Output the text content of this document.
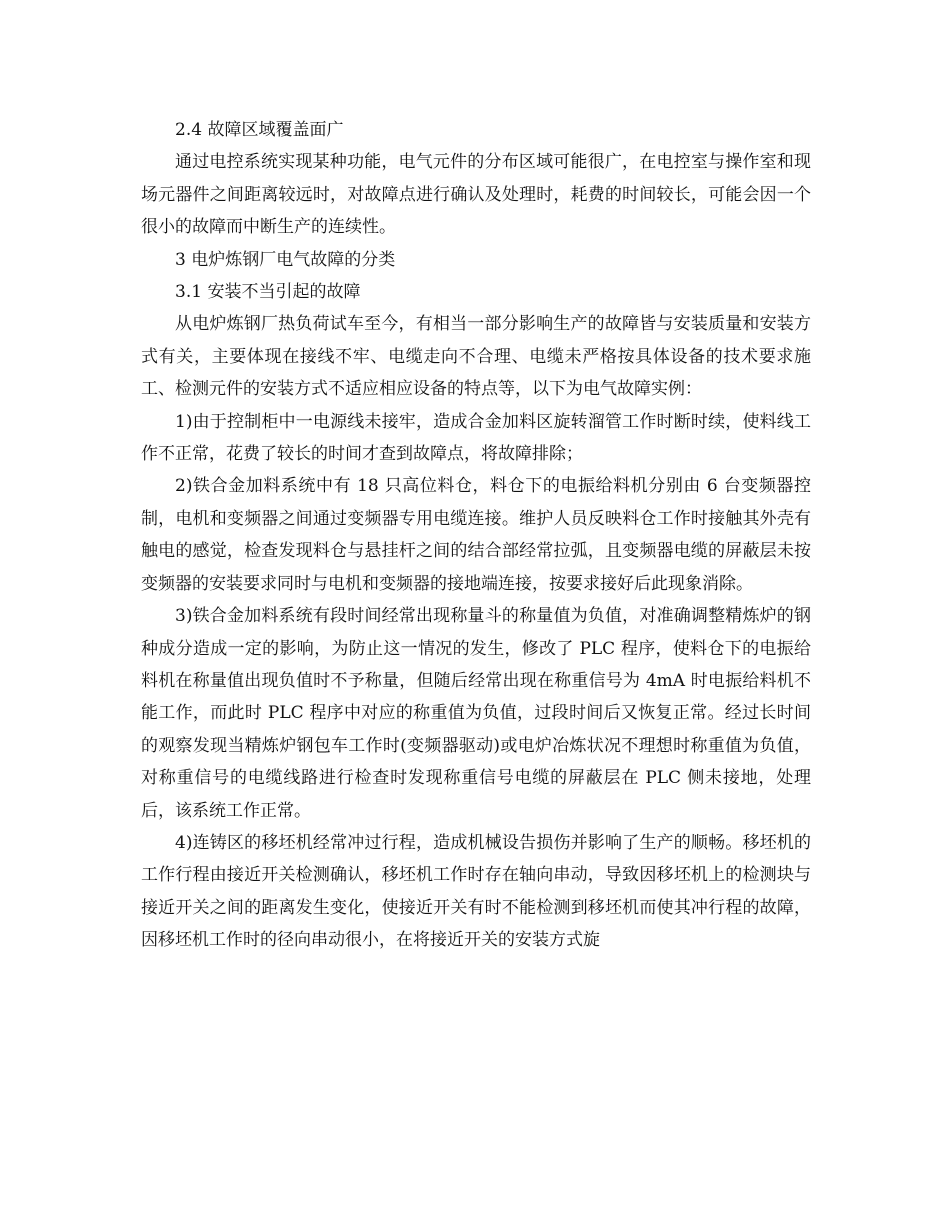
2.4 故障区域覆盖面广

通过电控系统实现某种功能，电气元件的分布区域可能很广，在电控室与操作室和现场元器件之间距离较远时，对故障点进行确认及处理时，耗费的时间较长，可能会因一个很小的故障而中断生产的连续性。

3 电炉炼钢厂电气故障的分类

3.1 安装不当引起的故障

从电炉炼钢厂热负荷试车至今，有相当一部分影响生产的故障皆与安装质量和安装方式有关，主要体现在接线不牢、电缆走向不合理、电缆未严格按具体设备的技术要求施工、检测元件的安装方式不适应相应设备的特点等，以下为电气故障实例：

1)由于控制柜中一电源线未接牢，造成合金加料区旋转溜管工作时断时续，使料线工作不正常，花费了较长的时间才查到故障点，将故障排除；

2)铁合金加料系统中有 18 只高位料仓，料仓下的电振给料机分别由 6 台变频器控制，电机和变频器之间通过变频器专用电缆连接。维护人员反映料仓工作时接触其外壳有触电的感觉，检查发现料仓与悬挂杆之间的结合部经常拉弧，且变频器电缆的屏蔽层未按变频器的安装要求同时与电机和变频器的接地端连接，按要求接好后此现象消除。

3)铁合金加料系统有段时间经常出现称量斗的称量值为负值，对准确调整精炼炉的钢种成分造成一定的影响，为防止这一情况的发生，修改了 PLC 程序，使料仓下的电振给料机在称量值出现负值时不予称量，但随后经常出现在称重信号为 4mA 时电振给料机不能工作，而此时 PLC 程序中对应的称重值为负值，过段时间后又恢复正常。经过长时间的观察发现当精炼炉钢包车工作时(变频器驱动)或电炉冶炼状况不理想时称重值为负值，对称重信号的电缆线路进行检查时发现称重信号电缆的屏蔽层在 PLC 侧未接地，处理后，该系统工作正常。

4)连铸区的移坯机经常冲过行程，造成机械设告损伤并影响了生产的顺畅。移坯机的工作行程由接近开关检测确认，移坯机工作时存在轴向串动，导致因移坯机上的检测块与接近开关之间的距离发生变化，使接近开关有时不能检测到移坯机而使其冲行程的故障，因移坯机工作时的径向串动很小，在将接近开关的安装方式旋
